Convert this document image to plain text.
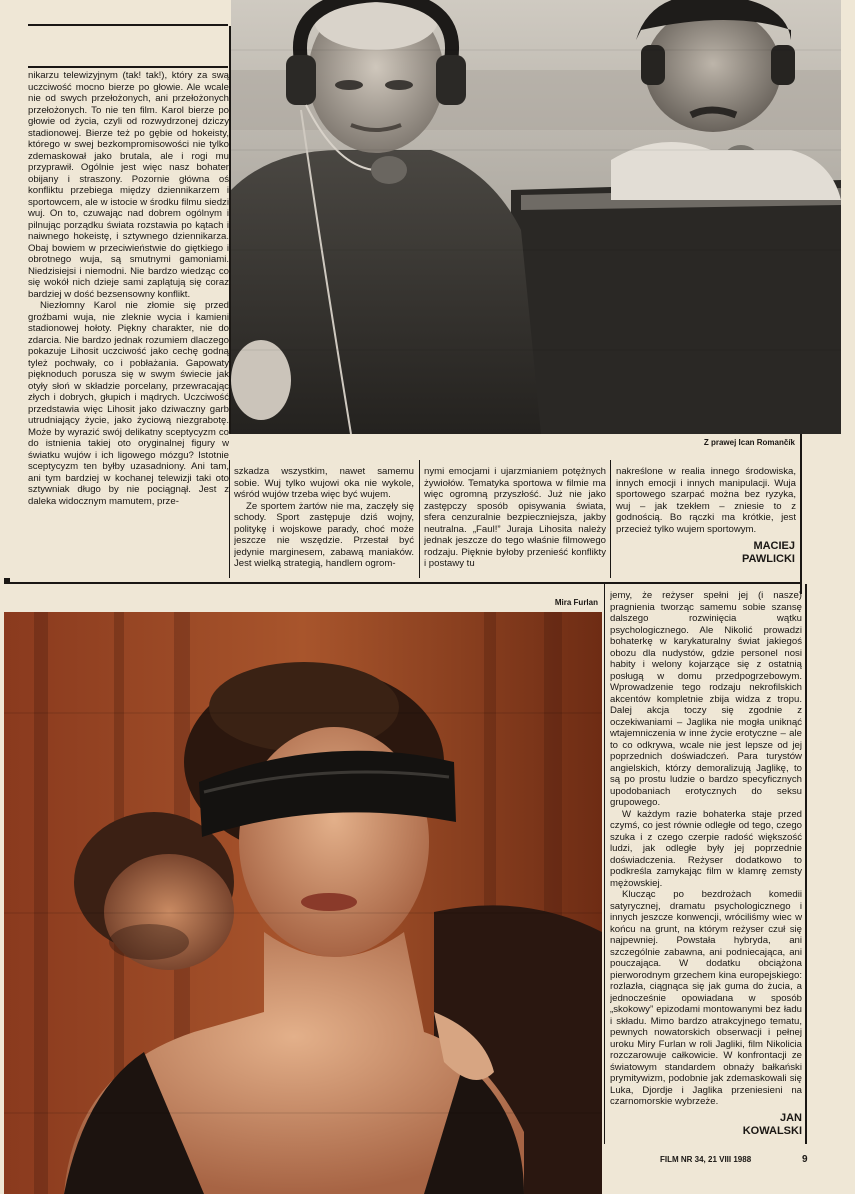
Z prawej Ican Romančík

nikarzu telewizyjnym (tak! tak!), który za swą uczciwość mocno bierze po głowie. Ale wcale nie od swych przełożonych, ani przełożonych przełożonych. To nie ten film. Karol bierze po głowie od życia, czyli od rozwydrzonej dziczy stadionowej. Bierze też po gębie od hokeisty, którego w swej bezkompromisowości nie tylko zdemaskował jako brutala, ale i rogi mu przyprawił. Ogólnie jest więc nasz bohater obijany i straszony. Pozornie główna oś konfliktu przebiega między dziennikarzem i sportowcem, ale w istocie w środku filmu siedzi wuj. On to, czuwając nad dobrem ogólnym i pilnując porządku świata rozstawia po kątach i naiwnego hokeistę, i sztywnego dziennikarza. Obaj bowiem w przeciwieństwie do giętkiego i obrotnego wuja, są smutnymi gamoniami. Niedzisiejsi i niemodni. Nie bardzo wiedząc co się wokół nich dzieje sami zaplątują się coraz bardziej w dość bezsensowny konflikt.

Niezłomny Karol nie złomie się przed groźbami wuja, nie zleknie wycia i kamieni stadionowej hołoty. Piękny charakter, nie do zdarcia. Nie bardzo jednak rozumiem dlaczego pokazuje Lihosit uczciwość jako cechę godną tyleż pochwały, co i pobłażania. Gapowaty pięknoduch porusza się w swym świecie jak otyły słoń w składzie porcelany, przewracając złych i dobrych, głupich i mądrych. Uczciwość przedstawia więc Lihosit jako dziwaczny garb utrudniający życie, jako życiową niezgrabotę. Może by wyrazić swój delikatny sceptycyzm co do istnienia takiej oto oryginalnej figury w światku wujów i ich ligowego mózgu? Istotnie sceptycyzm ten byłby uzasadniony. Ani tam, ani tym bardziej w kochanej telewizji taki oto sztywniak długo by nie pociągnął. Jest z daleka widocznym mamutem, prze-

szkadza wszystkim, nawet samemu sobie. Wuj tylko wujowi oka nie wykole, wśród wujów trzeba więc być wujem.

Ze sportem żartów nie ma, zaczęły się schody. Sport zastępuje dziś wojny, politykę i wojskowe parady, choć może jeszcze nie wszędzie. Przestał być jedynie marginesem, zabawą maniaków. Jest wielką strategią, handlem ogrom-

nymi emocjami i ujarzmianiem potężnych żywiołów. Tematyka sportowa w filmie ma więc ogromną przyszłość. Już nie jako zastępczy sposób opisywania świata, sfera cenzuralnie bezpieczniejsza, jakby neutralna. „Faul!” Juraja Lihosita należy jednak jeszcze do tego właśnie filmowego rodzaju. Pięknie byłoby przenieść konflikty i postawy tu

nakreślone w realia innego środowiska, innych emocji i innych manipulacji. Wuja sportowego szarpać można bez ryzyka, wuj – jak tzekłem – zniesie to z godnością. Bo rączki ma krótkie, jest przecież tylko wujem sportowym.

MACIEJ
PAWLICKI
Mira Furlan

jemy, że reżyser spełni jej (i nasze) pragnienia tworząc samemu sobie szansę dalszego rozwinięcia wątku psychologicznego. Ale Nikolić prowadzi bohaterkę w karykaturalny świat jakiegoś obozu dla nudystów, gdzie personel nosi habity i welony kojarzące się z ostatnią posługą w domu przedpogrzebowym. Wprowadzenie tego rodzaju nekrofilskich akcentów kompletnie zbija widza z tropu. Dalej akcja toczy się zgodnie z oczekiwaniami – Jaglika nie mogła uniknąć wtajemniczenia w inne życie erotyczne – ale to co odkrywa, wcale nie jest lepsze od jej poprzednich doświadczeń. Para turystów angielskich, którzy demoralizują Jaglikę, to są po prostu ludzie o bardzo specyficznych upodobaniach erotycznych do seksu grupowego.

W każdym razie bohaterka staje przed czymś, co jest równie odległe od tego, czego szuka i z czego czerpie radość większość ludzi, jak odległe były jej poprzednie doświadczenia. Reżyser dodatkowo to podkreśla zamykając film w klamrę zemsty mężowskiej.

Klucząc po bezdrożach komedii satyrycznej, dramatu psychologicznego i innych jeszcze konwencji, wróciliśmy wiec w końcu na grunt, na którym reżyser czuł się najpewniej. Powstała hybryda, ani szczególnie zabawna, ani podniecająca, ani pouczająca. W dodatku obciążona pierworodnym grzechem kina europejskiego: rozlazła, ciągnąca się jak guma do żucia, a jednocześnie opowiadana w sposób „skokowy” epizodami montowanymi bez ładu i składu. Mimo bardzo atrakcyjnego tematu, pewnych nowatorskich obserwacji i pełnej uroku Miry Furlan w roli Jagliki, film Nikolicia rozczarowuje całkowicie. W konfrontacji ze światowym standardem obnaży bałkański prymitywizm, podobnie jak zdemaskowali się Luka, Djordje i Jaglika przeniesieni na czarnomorskie wybrzeże.

JAN
KOWALSKI
FILM NR 34, 21 VIII 1988	9
